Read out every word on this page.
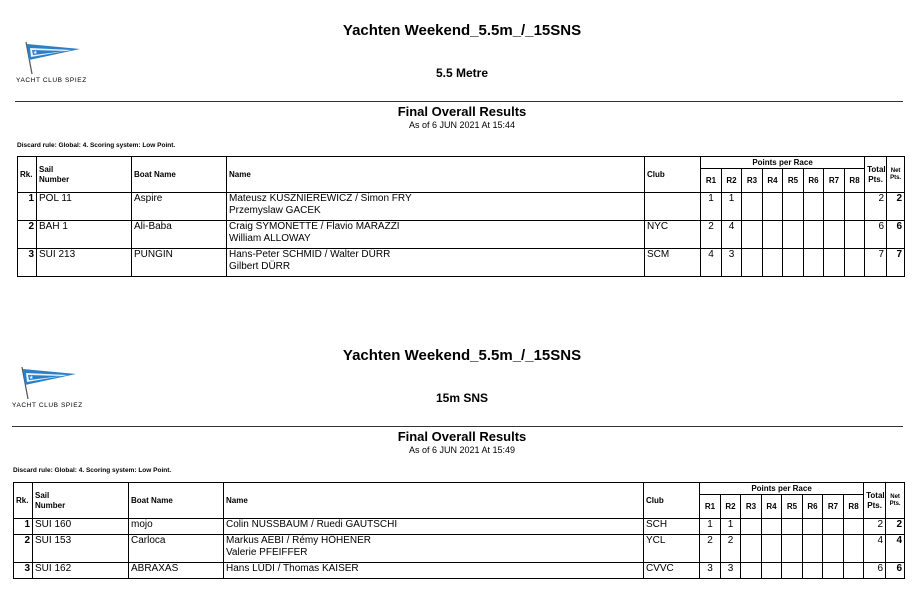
★
YACHT CLUB SPIEZ
Yachten Weekend_5.5m_/_15SNS
5.5 Metre
Final Overall Results
As of 6 JUN 2021 At 15:44
Discard rule: Global: 4. Scoring system: Low Point.
Rk.	Sail
Number	Boat Name	Name	Club	Points per Race								Total
Pts.	Net
Pts.

					R1	R2	R3	R4	R5	R6	R7	R8		
1	POL 11	Aspire	Mateusz KUSZNIEREWICZ / Simon FRY
Przemyslaw GACEK		1	1							2	2
2	BAH 1	Ali-Baba	Craig SYMONETTE / Flavio MARAZZI
William ALLOWAY	NYC	2	4							6	6
3	SUI 213	PUNGIN	Hans-Peter SCHMID / Walter DÜRR
Gilbert DÜRR	SCM	4	3							7	7
★
YACHT CLUB SPIEZ
Yachten Weekend_5.5m_/_15SNS
15m SNS
Final Overall Results
As of 6 JUN 2021 At 15:49
Discard rule: Global: 4. Scoring system: Low Point.
Rk.	Sail
Number	Boat Name	Name	Club	Points per Race								Total
Pts.	Net
Pts.

					R1	R2	R3	R4	R5	R6	R7	R8		
1	SUI 160	mojo	Colin NUSSBAUM / Ruedi GAUTSCHI	SCH	1	1							2	2
2	SUI 153	Carloca	Markus AEBI / Rémy HÖHENER
Valerie PFEIFFER	YCL	2	2							4	4
3	SUI 162	ABRAXAS	Hans LÜDI / Thomas KAISER	CVVC	3	3							6	6
